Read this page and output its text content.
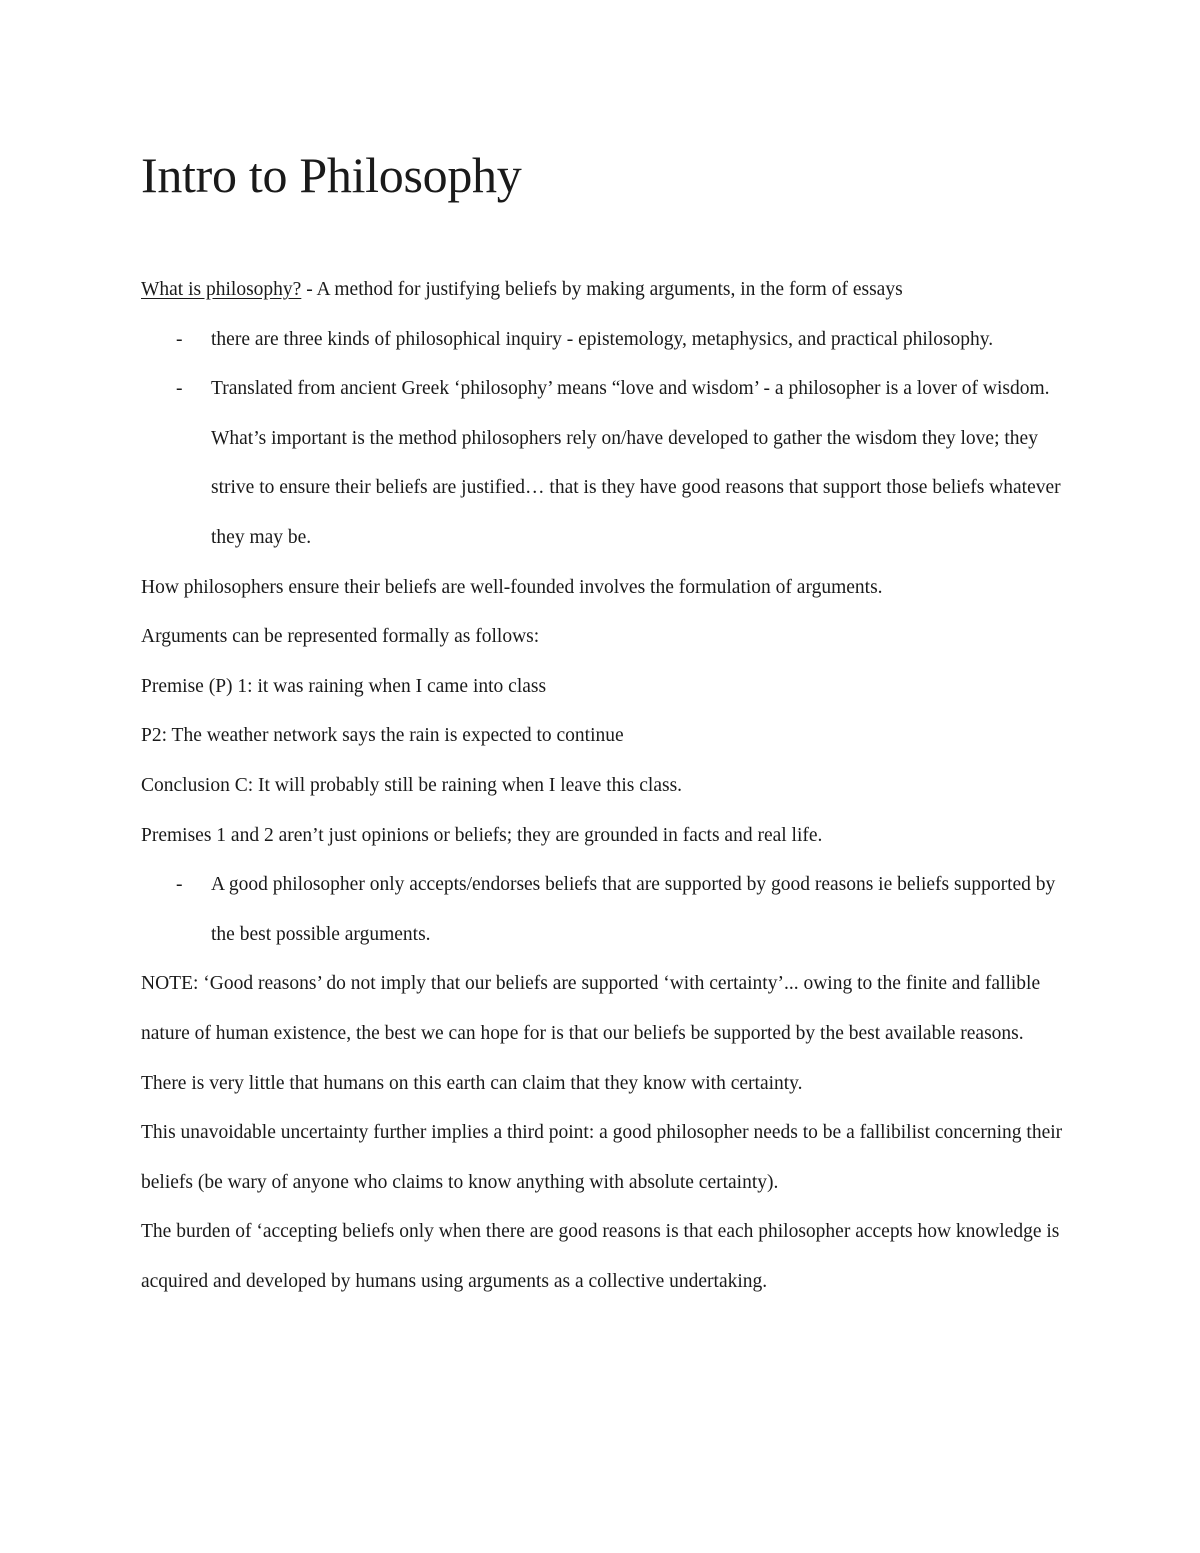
Intro to Philosophy

What is philosophy? - A method for justifying beliefs by making arguments, in the form of essays

- there are three kinds of philosophical inquiry - epistemology, metaphysics, and practical philosophy.
- Translated from ancient Greek ‘philosophy’ means “love and wisdom’ - a philosopher is a lover of wisdom. What’s important is the method philosophers rely on/have developed to gather the wisdom they love; they strive to ensure their beliefs are justified… that is they have good reasons that support those beliefs whatever they may be.

How philosophers ensure their beliefs are well-founded involves the formulation of arguments.

Arguments can be represented formally as follows:

Premise (P) 1: it was raining when I came into class

P2: The weather network says the rain is expected to continue

Conclusion C: It will probably still be raining when I leave this class.

Premises 1 and 2 aren’t just opinions or beliefs; they are grounded in facts and real life.

- A good philosopher only accepts/endorses beliefs that are supported by good reasons ie beliefs supported by the best possible arguments.

NOTE: ‘Good reasons’ do not imply that our beliefs are supported ‘with certainty’... owing to the finite and fallible nature of human existence, the best we can hope for is that our beliefs be supported by the best available reasons.

There is very little that humans on this earth can claim that they know with certainty.

This unavoidable uncertainty further implies a third point: a good philosopher needs to be a fallibilist concerning their beliefs (be wary of anyone who claims to know anything with absolute certainty).

The burden of ‘accepting beliefs only when there are good reasons is that each philosopher accepts how knowledge is acquired and developed by humans using arguments as a collective undertaking.
